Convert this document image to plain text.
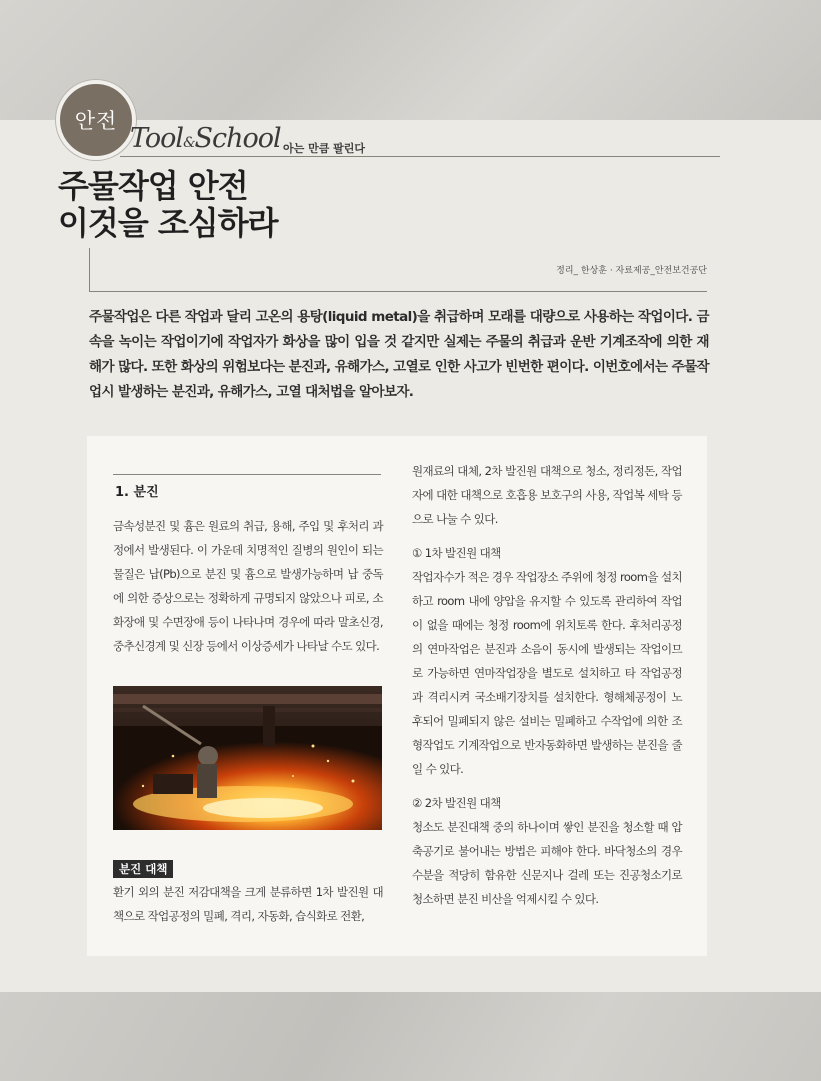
안전
Tool&School 아는 만큼 팔린다
주물작업 안전
이것을 조심하라
정리_ 한상훈 · 자료제공_안전보건공단
주물작업은 다른 작업과 달리 고온의 용탕(liquid metal)을 취급하며 모래를 대량으로 사용하는 작업이다. 금속을 녹이는 작업이기에 작업자가 화상을 많이 입을 것 같지만 실제는 주물의 취급과 운반 기계조작에 의한 재해가 많다. 또한 화상의 위험보다는 분진과, 유해가스, 고열로 인한 사고가 빈번한 편이다. 이번호에서는 주물작업시 발생하는 분진과, 유해가스, 고열 대처법을 알아보자.
1. 분진
금속성분진 및 흄은 원료의 취급, 용해, 주입 및 후처리 과정에서 발생된다. 이 가운데 치명적인 질병의 원인이 되는 물질은 납(Pb)으로 분진 및 흄으로 발생가능하며 납 중독에 의한 증상으로는 정확하게 규명되지 않았으나 피로, 소화장애 및 수면장애 등이 나타나며 경우에 따라 말초신경, 중추신경계 및 신장 등에서 이상증세가 나타날 수도 있다.
분진 대책
환기 외의 분진 저감대책을 크게 분류하면 1차 발진원 대책으로 작업공정의 밀폐, 격리, 자동화, 습식화로 전환,
원재료의 대체, 2차 발진원 대책으로 청소, 정리정돈, 작업자에 대한 대책으로 호흡용 보호구의 사용, 작업복 세탁 등으로 나눌 수 있다.
① 1차 발진원 대책
작업자수가 적은 경우 작업장소 주위에 청정 room을 설치하고 room 내에 양압을 유지할 수 있도록 관리하여 작업이 없을 때에는 청정 room에 위치토록 한다. 후처리공정의 연마작업은 분진과 소음이 동시에 발생되는 작업이므로 가능하면 연마작업장을 별도로 설치하고 타 작업공정과 격리시켜 국소배기장치를 설치한다. 형해체공정이 노후되어 밀폐되지 않은 설비는 밀폐하고 수작업에 의한 조형작업도 기계작업으로 반자동화하면 발생하는 분진을 줄일 수 있다.
② 2차 발진원 대책
청소도 분진대책 중의 하나이며 쌓인 분진을 청소할 때 압축공기로 불어내는 방법은 피해야 한다. 바닥청소의 경우 수분을 적당히 함유한 신문지나 걸레 또는 진공청소기로 청소하면 분진 비산을 억제시킬 수 있다.
